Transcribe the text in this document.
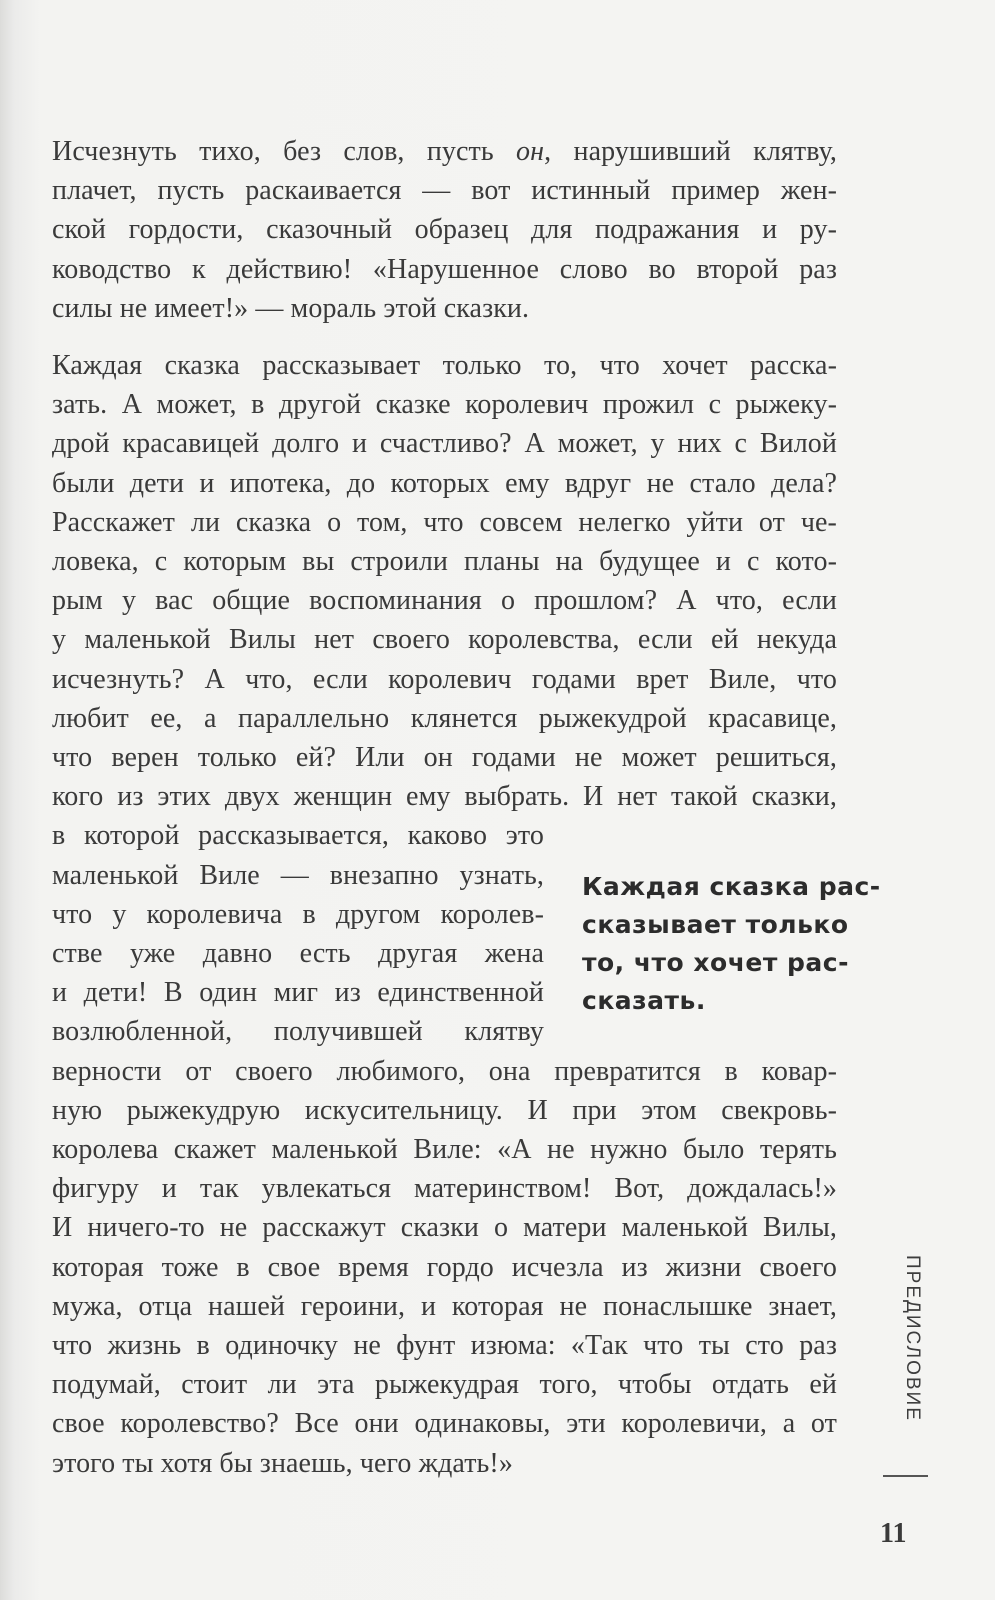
Исчезнуть тихо, без слов, пусть он, нарушивший клятву,
плачет, пусть раскаивается — вот истинный пример жен-
ской гордости, сказочный образец для подражания и ру-
ководство к действию! «Нарушенное слово во второй раз
силы не имеет!» — мораль этой сказки.
Каждая сказка рассказывает только то, что хочет расска-
зать. А может, в другой сказке королевич прожил с рыжеку-
дрой красавицей долго и счастливо? А может, у них с Вилой
были дети и ипотека, до которых ему вдруг не стало дела?
Расскажет ли сказка о том, что совсем нелегко уйти от че-
ловека, с которым вы строили планы на будущее и с кото-
рым у вас общие воспоминания о прошлом? А что, если
у маленькой Вилы нет своего королевства, если ей некуда
исчезнуть? А что, если королевич годами врет Виле, что
любит ее, а параллельно клянется рыжекудрой красавице,
что верен только ей? Или он годами не может решиться,
кого из этих двух женщин ему выбрать. И нет такой сказки,
в которой рассказывается, каково это
маленькой Виле — внезапно узнать,
что у королевича в другом королев-
стве уже давно есть другая жена
и дети! В один миг из единственной
возлюбленной, получившей клятву
верности от своего любимого, она превратится в ковар-
ную рыжекудрую искусительницу. И при этом свекровь-
королева скажет маленькой Виле: «А не нужно было терять
фигуру и так увлекаться материнством! Вот, дождалась!»
И ничего-то не расскажут сказки о матери маленькой Вилы,
которая тоже в свое время гордо исчезла из жизни своего
мужа, отца нашей героини, и которая не понаслышке знает,
что жизнь в одиночку не фунт изюма: «Так что ты сто раз
подумай, стоит ли эта рыжекудрая того, чтобы отдать ей
свое королевство? Все они одинаковы, эти королевичи, а от
этого ты хотя бы знаешь, чего ждать!»
Каждая сказка рас-
сказывает только
то, что хочет рас-
сказать.
ПРЕДИСЛОВИЕ
11
